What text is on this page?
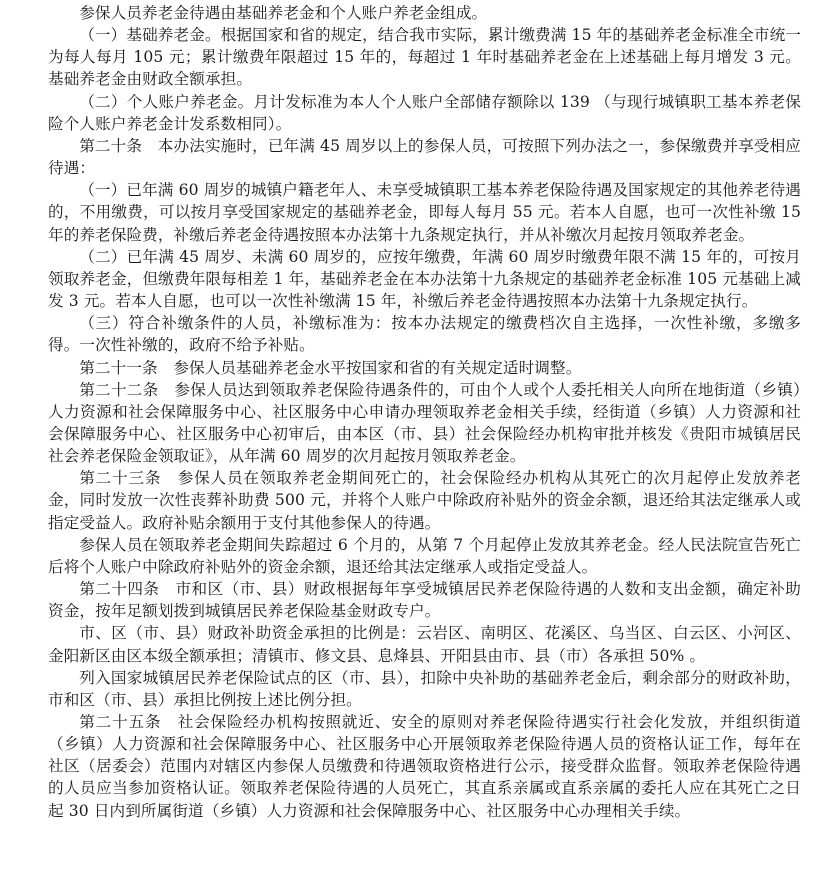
参保人员养老金待遇由基础养老金和个人账户养老金组成。

（一）基础养老金。根据国家和省的规定，结合我市实际，累计缴费满 15 年的基础养老金标准全市统一为每人每月 105 元；累计缴费年限超过 15 年的，每超过 1 年时基础养老金在上述基础上每月增发 3 元。基础养老金由财政全额承担。

（二）个人账户养老金。月计发标准为本人个人账户全部储存额除以 139 （与现行城镇职工基本养老保险个人账户养老金计发系数相同）。

第二十条　本办法实施时，已年满 45 周岁以上的参保人员，可按照下列办法之一，参保缴费并享受相应待遇：

（一）已年满 60 周岁的城镇户籍老年人、未享受城镇职工基本养老保险待遇及国家规定的其他养老待遇的，不用缴费，可以按月享受国家规定的基础养老金，即每人每月 55 元。若本人自愿，也可一次性补缴 15 年的养老保险费，补缴后养老金待遇按照本办法第十九条规定执行，并从补缴次月起按月领取养老金。

（二）已年满 45 周岁、未满 60 周岁的，应按年缴费，年满 60 周岁时缴费年限不满 15 年的，可按月领取养老金，但缴费年限每相差 1 年，基础养老金在本办法第十九条规定的基础养老金标准 105 元基础上减发 3 元。若本人自愿，也可以一次性补缴满 15 年，补缴后养老金待遇按照本办法第十九条规定执行。

（三）符合补缴条件的人员，补缴标准为：按本办法规定的缴费档次自主选择，一次性补缴，多缴多得。一次性补缴的，政府不给予补贴。

第二十一条　参保人员基础养老金水平按国家和省的有关规定适时调整。

第二十二条　参保人员达到领取养老保险待遇条件的，可由个人或个人委托相关人向所在地街道（乡镇）人力资源和社会保障服务中心、社区服务中心申请办理领取养老金相关手续，经街道（乡镇）人力资源和社会保障服务中心、社区服务中心初审后，由本区（市、县）社会保险经办机构审批并核发《贵阳市城镇居民社会养老保险金领取证》，从年满 60 周岁的次月起按月领取养老金。

第二十三条　参保人员在领取养老金期间死亡的，社会保险经办机构从其死亡的次月起停止发放养老金，同时发放一次性丧葬补助费 500 元，并将个人账户中除政府补贴外的资金余额，退还给其法定继承人或指定受益人。政府补贴余额用于支付其他参保人的待遇。

参保人员在领取养老金期间失踪超过 6 个月的，从第 7 个月起停止发放其养老金。经人民法院宣告死亡后将个人账户中除政府补贴外的资金余额，退还给其法定继承人或指定受益人。

第二十四条　市和区（市、县）财政根据每年享受城镇居民养老保险待遇的人数和支出金额，确定补助资金，按年足额划拨到城镇居民养老保险基金财政专户。

市、区（市、县）财政补助资金承担的比例是：云岩区、南明区、花溪区、乌当区、白云区、小河区、金阳新区由区本级全额承担；清镇市、修文县、息烽县、开阳县由市、县（市）各承担 50% 。

列入国家城镇居民养老保险试点的区（市、县），扣除中央补助的基础养老金后，剩余部分的财政补助，市和区（市、县）承担比例按上述比例分担。

第二十五条　社会保险经办机构按照就近、安全的原则对养老保险待遇实行社会化发放，并组织街道（乡镇）人力资源和社会保障服务中心、社区服务中心开展领取养老保险待遇人员的资格认证工作，每年在社区（居委会）范围内对辖区内参保人员缴费和待遇领取资格进行公示，接受群众监督。领取养老保险待遇的人员应当参加资格认证。领取养老保险待遇的人员死亡，其直系亲属或直系亲属的委托人应在其死亡之日起 30 日内到所属街道（乡镇）人力资源和社会保障服务中心、社区服务中心办理相关手续。
